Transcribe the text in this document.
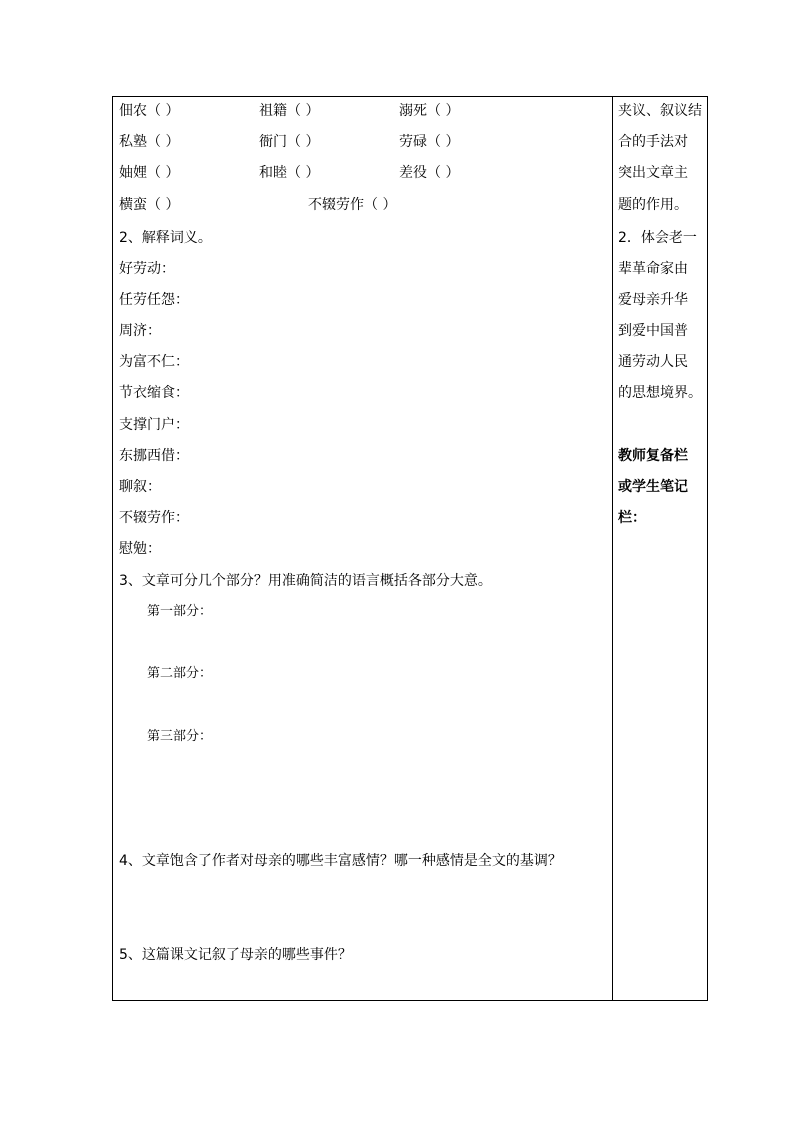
佃农（ ）	祖籍（ ）	溺死（ ）
私塾（ ）	衙门（ ）	劳碌（ ）
妯娌（ ）	和睦（ ）	差役（ ）
横蛮（ ）	不辍劳作（ ）
2、解释词义。
好劳动：
任劳任怨：
周济：
为富不仁：
节衣缩食：
支撑门户：
东挪西借：
聊叙：
不辍劳作：
慰勉：
3、文章可分几个部分？用准确简洁的语言概括各部分大意。
第一部分：
第二部分：
第三部分：
4、文章饱含了作者对母亲的哪些丰富感情？哪一种感情是全文的基调？
5、这篇课文记叙了母亲的哪些事件？
夹议、叙议结
合的手法对
突出文章主
题的作用。
2．体会老一
辈革命家由
爱母亲升华
到爱中国普
通劳动人民
的思想境界。
教师复备栏
或学生笔记
栏：
